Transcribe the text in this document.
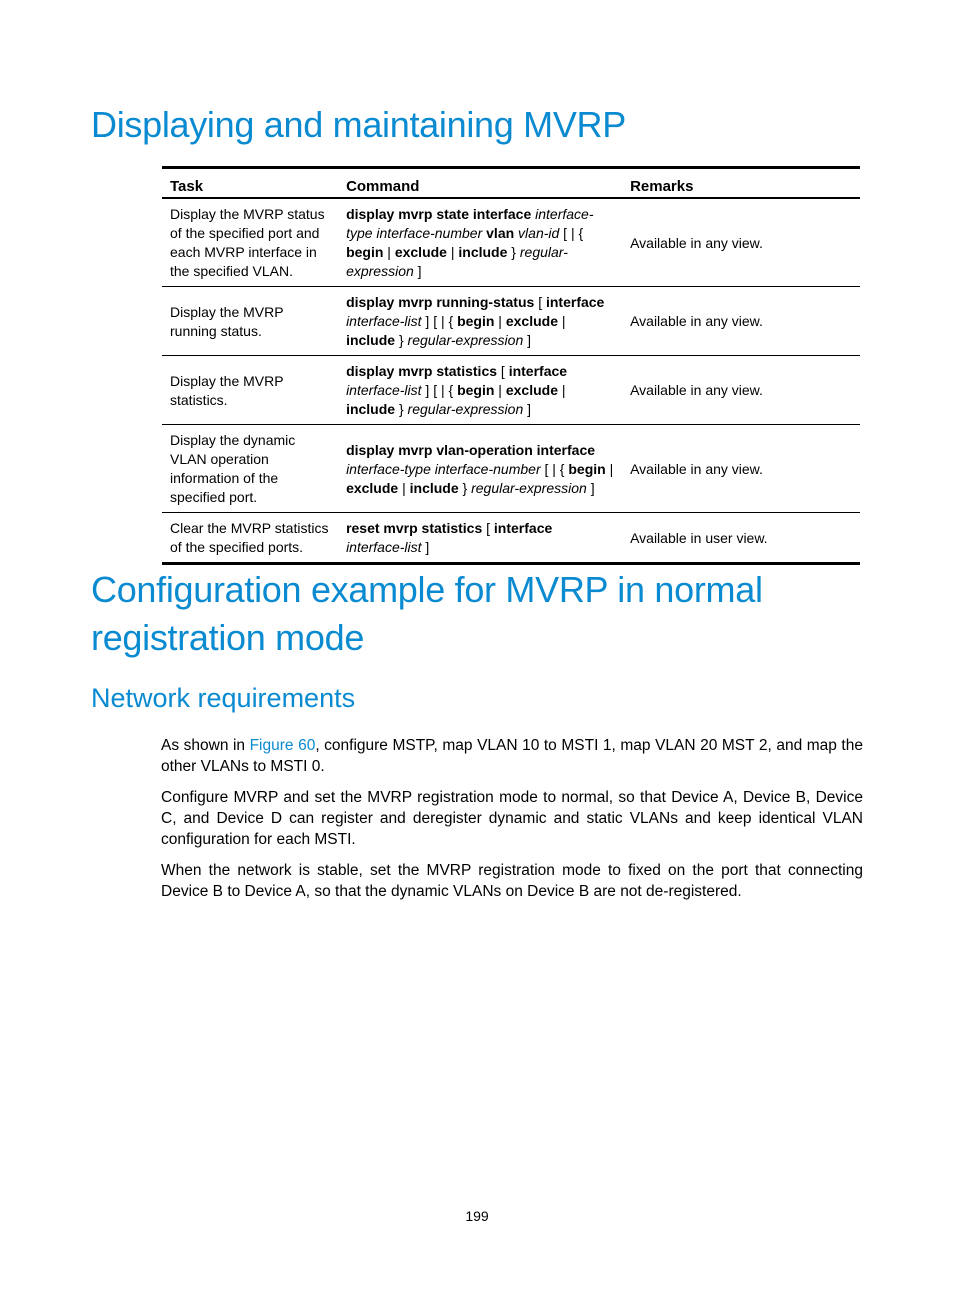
Displaying and maintaining MVRP
Task	Command	Remarks
Display the MVRP status of the specified port and each MVRP interface in the specified VLAN.	display mvrp state interface interface-type interface-number vlan vlan-id [ | { begin | exclude | include } regular-expression ]	Available in any view.
Display the MVRP running status.	display mvrp running-status [ interface interface-list ] [ | { begin | exclude | include } regular-expression ]	Available in any view.
Display the MVRP statistics.	display mvrp statistics [ interface interface-list ] [ | { begin | exclude | include } regular-expression ]	Available in any view.
Display the dynamic VLAN operation information of the specified port.	display mvrp vlan-operation interface interface-type interface-number [ | { begin | exclude | include } regular-expression ]	Available in any view.
Clear the MVRP statistics of the specified ports.	reset mvrp statistics [ interface interface-list ]	Available in user view.
Configuration example for MVRP in normal registration mode
Network requirements

As shown in Figure 60, configure MSTP, map VLAN 10 to MSTI 1, map VLAN 20 MST 2, and map the other VLANs to MSTI 0.

Configure MVRP and set the MVRP registration mode to normal, so that Device A, Device B, Device C, and Device D can register and deregister dynamic and static VLANs and keep identical VLAN configuration for each MSTI.

When the network is stable, set the MVRP registration mode to fixed on the port that connecting Device B to Device A, so that the dynamic VLANs on Device B are not de-registered.

199
